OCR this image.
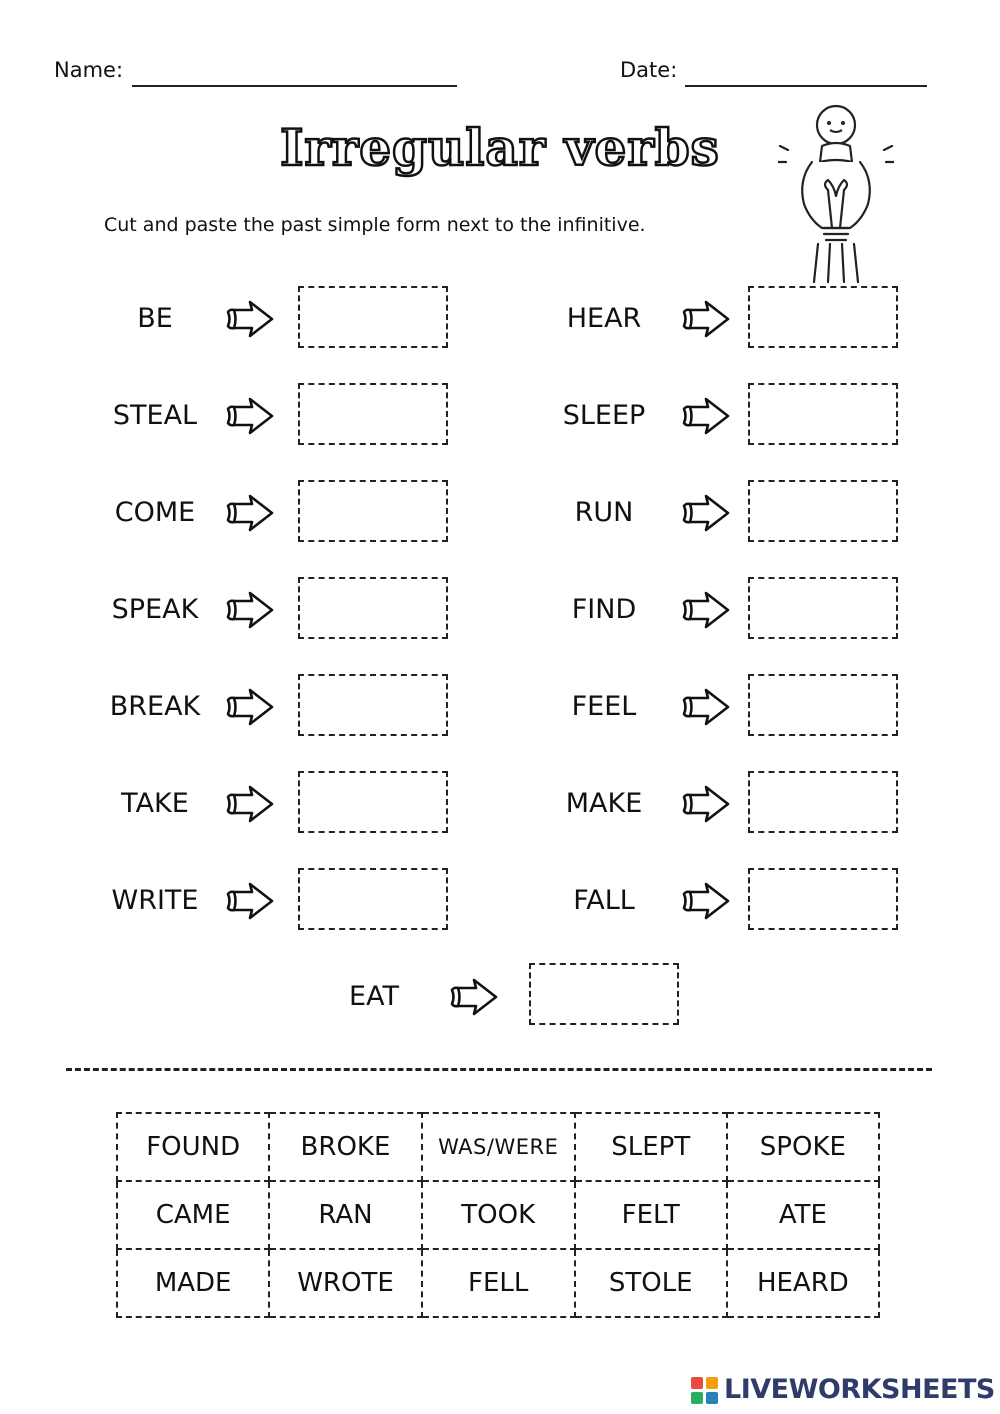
Name:	Date:
Irregular verbs
Cut and paste the past simple form next to the infinitive.
BE
STEAL
COME
SPEAK
BREAK
TAKE
WRITE
HEAR
SLEEP
RUN
FIND
FEEL
MAKE
FALL
EAT
FOUND	BROKE	WAS/WERE	SLEPT	SPOKE
CAME	RAN	TOOK	FELT	ATE
MADE	WROTE	FELL	STOLE	HEARD
LIVEWORKSHEETS
